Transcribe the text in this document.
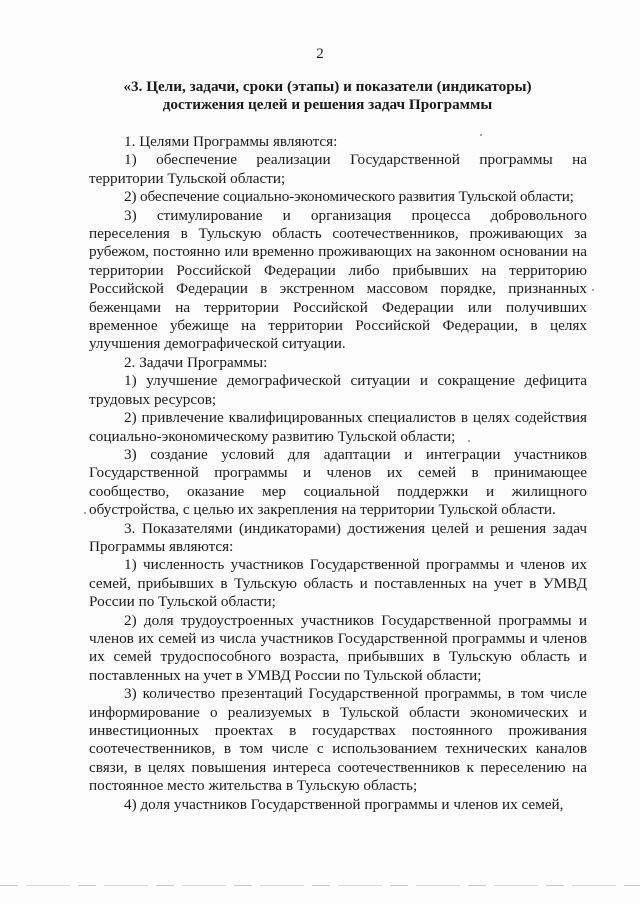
2
«3. Цели, задачи, сроки (этапы) и показатели (индикаторы)
достижения целей и решения задач Программы

1. Целями Программы являются:

1) обеспечение реализации Государственной программы на территории Тульской области;

2) обеспечение социально-экономического развития Тульской области;

3) стимулирование и организация процесса добровольного переселения в Тульскую область соотечественников, проживающих за рубежом, постоянно или временно проживающих на законном основании на территории Российской Федерации либо прибывших на территорию Российской Федерации в экстренном массовом порядке, признанных беженцами на территории Российской Федерации или получивших временное убежище на территории Российской Федерации, в целях улучшения демографической ситуации.

2. Задачи Программы:

1) улучшение демографической ситуации и сокращение дефицита трудовых ресурсов;

2) привлечение квалифицированных специалистов в целях содействия социально-экономическому развитию Тульской области;

3) создание условий для адаптации и интеграции участников Государственной программы и членов их семей в принимающее сообщество, оказание мер социальной поддержки и жилищного обустройства, с целью их закрепления на территории Тульской области.

3. Показателями (индикаторами) достижения целей и решения задач Программы являются:

1) численность участников Государственной программы и членов их семей, прибывших в Тульскую область и поставленных на учет в УМВД России по Тульской области;

2) доля трудоустроенных участников Государственной программы и членов их семей из числа участников Государственной программы и членов их семей трудоспособного возраста, прибывших в Тульскую область и поставленных на учет в УМВД России по Тульской области;

3) количество презентаций Государственной программы, в том числе информирование о реализуемых в Тульской области экономических и инвестиционных проектах в государствах постоянного проживания соотечественников, в том числе с использованием технических каналов связи, в целях повышения интереса соотечественников к переселению на постоянное место жительства в Тульскую область;

4) доля участников Государственной программы и членов их семей,
